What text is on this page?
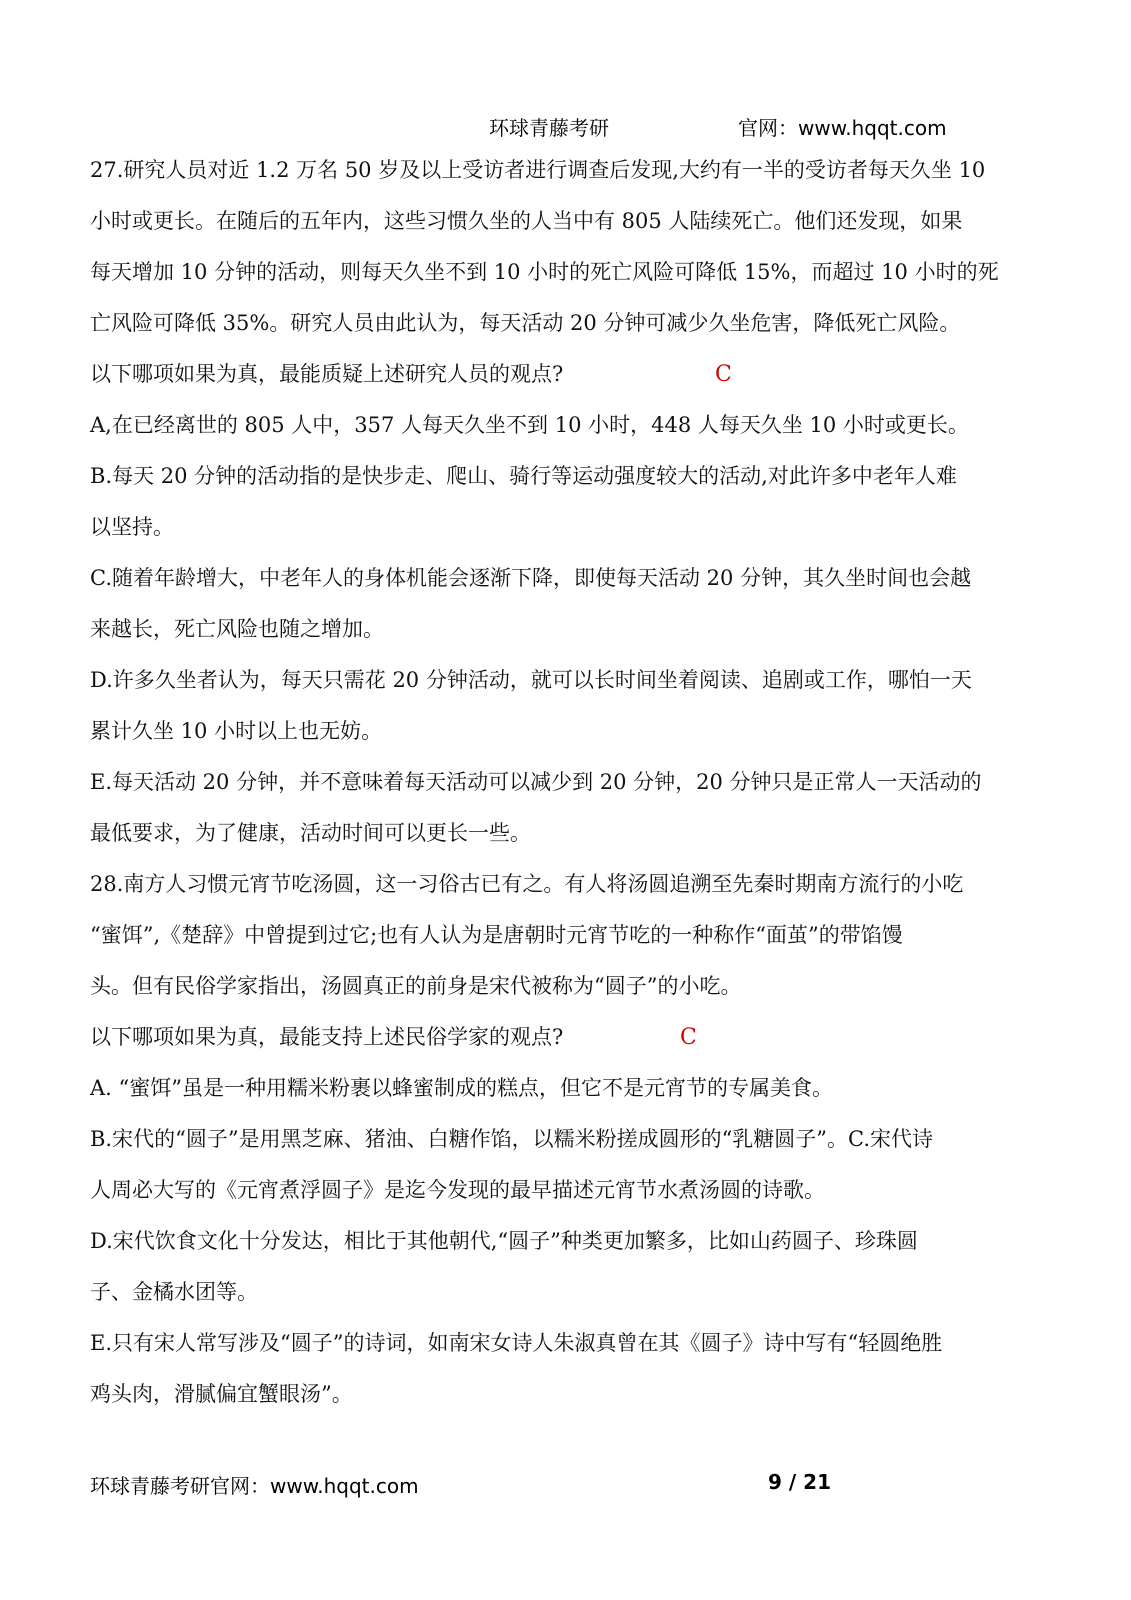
环球青藤考研	官网：www.hqqt.com
27.研究人员对近 1.2 万名 50 岁及以上受访者进行调查后发现,大约有一半的受访者每天久坐 10
小时或更长。在随后的五年内，这些习惯久坐的人当中有 805 人陆续死亡。他们还发现，如果
每天增加 10 分钟的活动，则每天久坐不到 10 小时的死亡风险可降低 15%，而超过 10 小时的死
亡风险可降低 35%。研究人员由此认为，每天活动 20 分钟可减少久坐危害，降低死亡风险。
以下哪项如果为真，最能质疑上述研究人员的观点?	C
A,在已经离世的 805 人中，357 人每天久坐不到 10 小时，448 人每天久坐 10 小时或更长。
B.每天 20 分钟的活动指的是快步走、爬山、骑行等运动强度较大的活动,对此许多中老年人难
以坚持。
C.随着年龄增大，中老年人的身体机能会逐渐下降，即使每天活动 20 分钟，其久坐时间也会越
来越长，死亡风险也随之增加。
D.许多久坐者认为，每天只需花 20 分钟活动，就可以长时间坐着阅读、追剧或工作，哪怕一天
累计久坐 10 小时以上也无妨。
E.每天活动 20 分钟，并不意味着每天活动可以减少到 20 分钟，20 分钟只是正常人一天活动的
最低要求，为了健康，活动时间可以更长一些。
28.南方人习惯元宵节吃汤圆，这一习俗古已有之。有人将汤圆追溯至先秦时期南方流行的小吃
“蜜饵”,《楚辞》中曾提到过它;也有人认为是唐朝时元宵节吃的一种称作“面茧”的带馅馒
头。但有民俗学家指出，汤圆真正的前身是宋代被称为“圆子”的小吃。
以下哪项如果为真，最能支持上述民俗学家的观点?	C
A. “蜜饵”虽是一种用糯米粉裹以蜂蜜制成的糕点，但它不是元宵节的专属美食。
B.宋代的“圆子”是用黑芝麻、猪油、白糖作馅，以糯米粉搓成圆形的“乳糖圆子”。C.宋代诗
人周必大写的《元宵煮浮圆子》是迄今发现的最早描述元宵节水煮汤圆的诗歌。
D.宋代饮食文化十分发达，相比于其他朝代,“圆子”种类更加繁多，比如山药圆子、珍珠圆
子、金橘水团等。
E.只有宋人常写涉及“圆子”的诗词，如南宋女诗人朱淑真曾在其《圆子》诗中写有“轻圆绝胜
鸡头肉，滑腻偏宜蟹眼汤”。
环球青藤考研官网：www.hqqt.com	9 / 21
